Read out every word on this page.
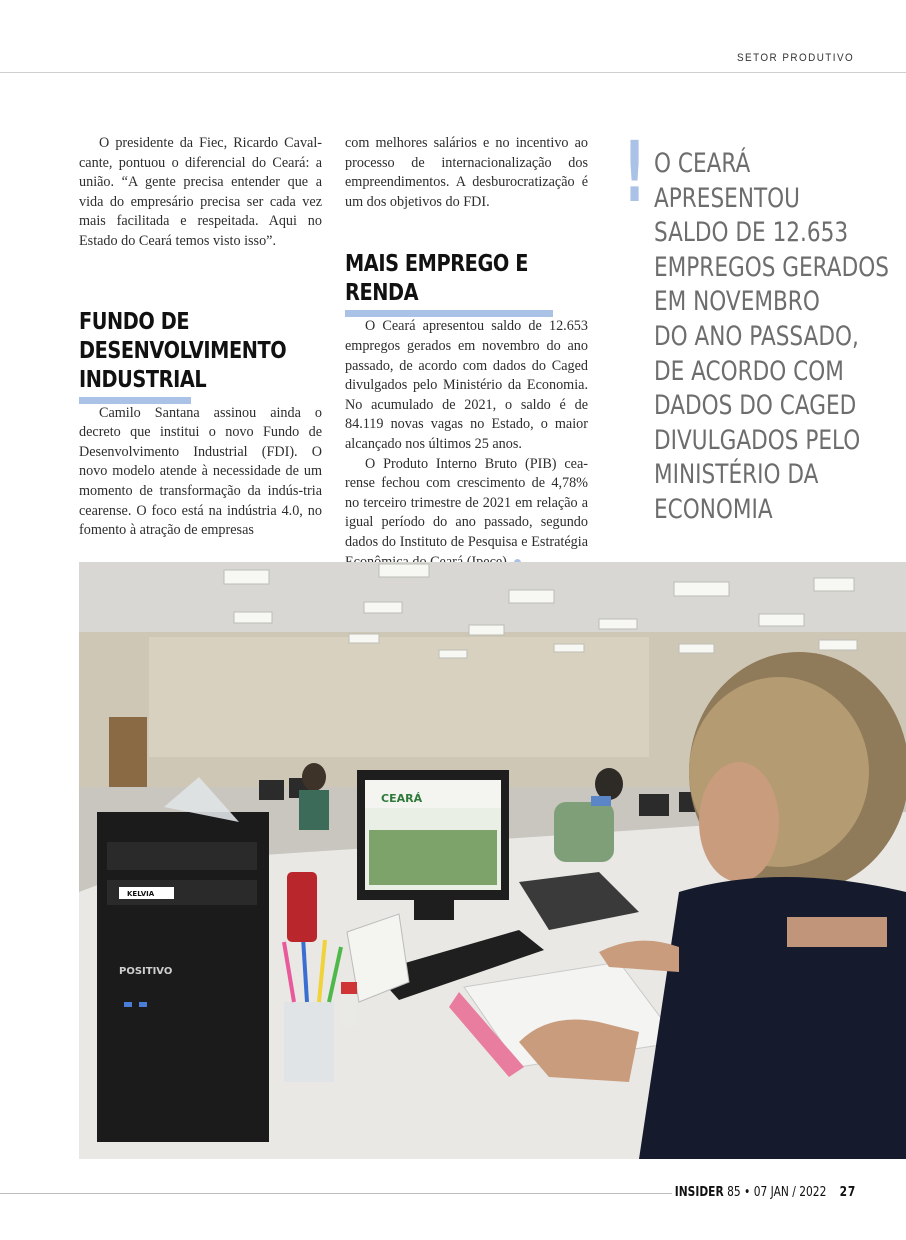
SETOR PRODUTIVO

O presidente da Fiec, Ricardo Caval-cante, pontuou o diferencial do Ceará: a união. “A gente precisa entender que a vida do empresário precisa ser cada vez mais facilitada e respeitada. Aqui no Estado do Ceará temos visto isso”.

FUNDO DE
DESENVOLVIMENTO
INDUSTRIAL

Camilo Santana assinou ainda o decreto que institui o novo Fundo de Desenvolvimento Industrial (FDI). O novo modelo atende à necessidade de um momento de transformação da indús-tria cearense. O foco está na indústria 4.0, no fomento à atração de empresas

com melhores salários e no incentivo ao processo de internacionalização dos empreendimentos. A desburocratização é um dos objetivos do FDI.

MAIS EMPREGO E RENDA

O Ceará apresentou saldo de 12.653 empregos gerados em novembro do ano passado, de acordo com dados do Caged divulgados pelo Ministério da Economia. No acumulado de 2021, o saldo é de 84.119 novas vagas no Estado, o maior alcançado nos últimos 25 anos.

O Produto Interno Bruto (PIB) cea-rense fechou com crescimento de 4,78% no terceiro trimestre de 2021 em relação a igual período do ano passado, segundo dados do Instituto de Pesquisa e Estratégia

! O CEARÁ
APRESENTOU
SALDO DE 12.653
EMPREGOS GERADOS
EM NOVEMBRO
DO ANO PASSADO,
DE ACORDO COM
DADOS DO CAGED
DIVULGADOS PELO
MINISTÉRIO DA
ECONOMIA
CEARÁ
KELVIA
POSITIVO
INSIDER 85 • 07 JAN / 2022 27
